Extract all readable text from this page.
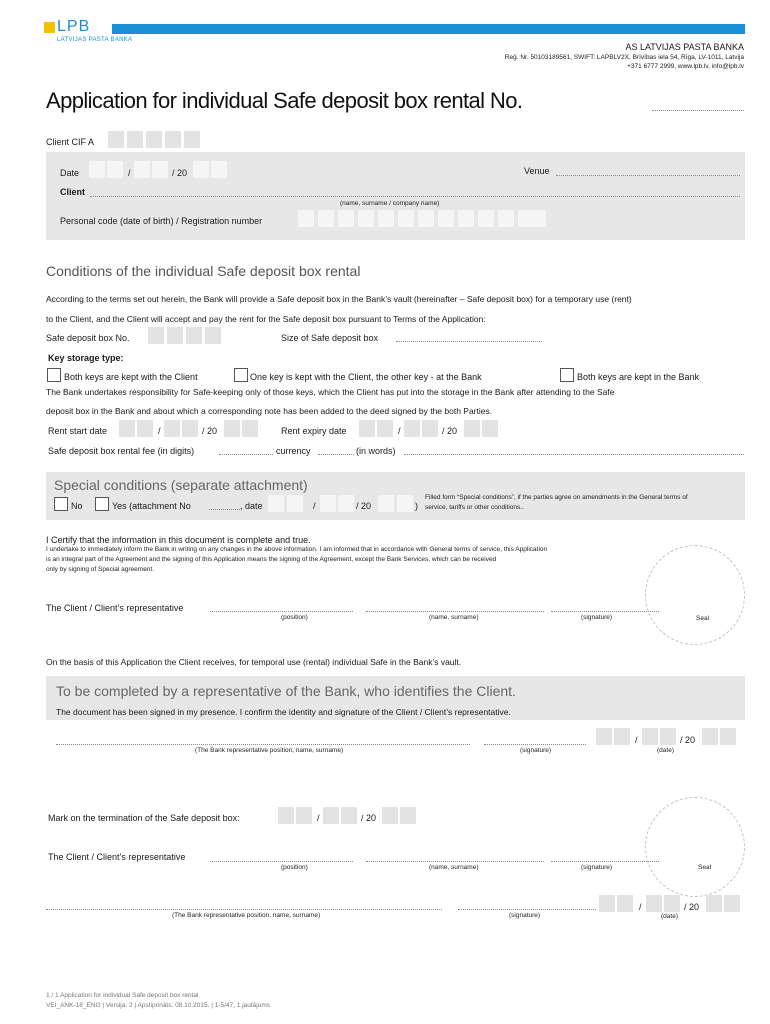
LPB
LATVIJAS PASTA BANKA
AS LATVIJAS PASTA BANKA
Reģ. Nr. 50103189561, SWIFT: LAPBLV2X, Brīvības iela 54, Rīga, LV-1011, Latvija
+371 6777 2999, www.lpb.lv, info@lpb.lv
Application for individual Safe deposit box rental No.
Client CIF A
Date	/	/ 20	Venue
Client
(name, surname / company name)
Personal code (date of birth) / Registration number
Conditions of the individual Safe deposit box rental
According to the terms set out herein, the Bank will provide a Safe deposit box in the Bank’s vault (hereinafter – Safe deposit box) for a temporary use (rent)
to the Client, and the Client will accept and pay the rent for the Safe deposit box pursuant to Terms of the Application:
Safe deposit box No.	Size of Safe deposit box
Key storage type:
Both keys are kept with the Client	One key is kept with the Client, the other key - at the Bank	Both keys are kept in the Bank
The Bank undertakes responsibility for Safe-keeping only of those keys, which the Client has put into the storage in the Bank after attending to the Safe
deposit box in the Bank and about which a corresponding note has been added to the deed signed by the both Parties.
Rent start date	/	/ 20	Rent expiry date	/	/ 20
Safe deposit box rental fee (in digits)	currency	(in words)
Special conditions (separate attachment)
No	Yes (attachment No	, date	/	/ 20	)
Filled form “Special conditions”, if the parties agree on amendments in the General terms of
service, tariffs or other conditions..
I Certify that the information in this document is complete and true.
I undertake to immediately inform the Bank in writing on any changes in the above information. I am informed that in accordance with General terms of service, this Application
is an integral part of the Agreement and the signing of this Application means the signing of the Agreement, except the Bank Services, which can be received
only by signing of Special agreement.
The Client / Client’s representative
(position)	(name, surname)	(signature)	Seal
On the basis of this Application the Client receives, for temporal use (rental) individual Safe in the Bank’s vault.
To be completed by a representative of the Bank, who identifies the Client.
The document has been signed in my presence. I confirm the identity and signature of the Client / Client’s representative.
(The Bank representative position, name, surname)	(signature)
/	/ 20
(date)
Mark on the termination of the Safe deposit box:	/	/ 20
The Client / Client’s representative
(position)	(name, surname)	(signature)	Seal
(The Bank representative position, name, surname)	(signature)
/	/ 20
(date)
1 / 1 Application for individual Safe deposit box rental
VEI_ANK-18_ENG | Versija: 2 | Apstiprināts: 08.10.2015. | 1-5/47, 1.jautājums
